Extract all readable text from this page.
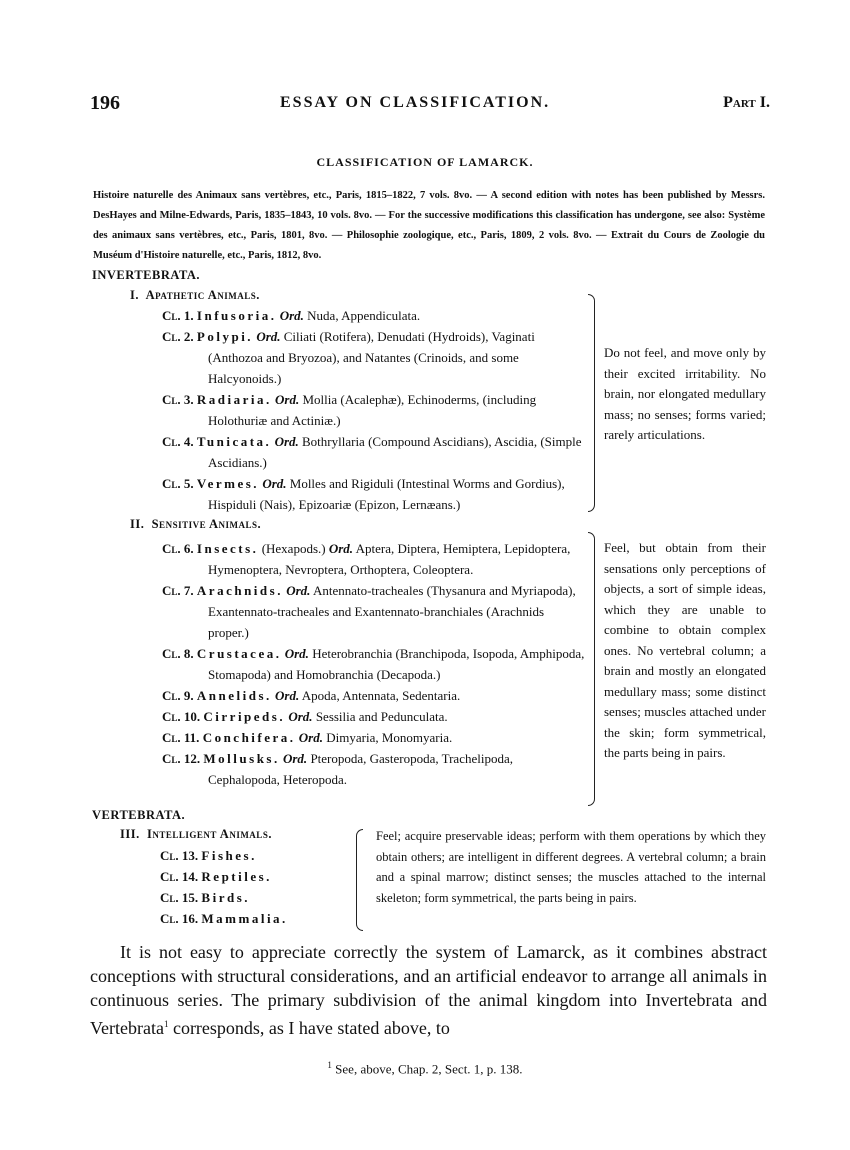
196	ESSAY ON CLASSIFICATION.	Part I.
CLASSIFICATION OF LAMARCK.
Histoire naturelle des Animaux sans vertèbres, etc., Paris, 1815–1822, 7 vols. 8vo. — A second edition with notes has been published by Messrs. DesHayes and Milne-Edwards, Paris, 1835–1843, 10 vols. 8vo. — For the successive modifications this classification has undergone, see also: Système des animaux sans vertèbres, etc., Paris, 1801, 8vo. — Philosophie zoologique, etc., Paris, 1809, 2 vols. 8vo. — Extrait du Cours de Zoologie du Muséum d'Histoire naturelle, etc., Paris, 1812, 8vo.
INVERTEBRATA.
I. Apathetic Animals.
Cl. 1. Infusoria. Ord. Nuda, Appendiculata.
Cl. 2. Polypi. Ord. Ciliati (Rotifera), Denudati (Hydroids), Vaginati (Anthozoa and Bryozoa), and Natantes (Crinoids, and some Halcyonoids.)
Cl. 3. Radiaria. Ord. Mollia (Acalephæ), Echinoderms, (including Holothuriæ and Actiniæ.)
Cl. 4. Tunicata. Ord. Bothryllaria (Compound Ascidians), Ascidia, (Simple Ascidians.)
Cl. 5. Vermes. Ord. Molles and Rigiduli (Intestinal Worms and Gordius), Hispiduli (Nais), Epizoariæ (Epizon, Lernæans.)
Do not feel, and move only by their excited irritability. No brain, nor elongated medullary mass; no senses; forms varied; rarely articulations.
II. Sensitive Animals.
Cl. 6. Insects. (Hexapods.) Ord. Aptera, Diptera, Hemiptera, Lepidoptera, Hymenoptera, Nevroptera, Orthoptera, Coleoptera.
Cl. 7. Arachnids. Ord. Antennato-tracheales (Thysanura and Myriapoda), Exantennato-tracheales and Exantennato-branchiales (Arachnids proper.)
Cl. 8. Crustacea. Ord. Heterobranchia (Branchipoda, Isopoda, Amphipoda, Stomapoda) and Homobranchia (Decapoda.)
Cl. 9. Annelids. Ord. Apoda, Antennata, Sedentaria.
Cl. 10. Cirripeds. Ord. Sessilia and Pedunculata.
Cl. 11. Conchifera. Ord. Dimyaria, Monomyaria.
Cl. 12. Mollusks. Ord. Pteropoda, Gasteropoda, Trachelipoda, Cephalopoda, Heteropoda.
Feel, but obtain from their sensations only perceptions of objects, a sort of simple ideas, which they are unable to combine to obtain complex ones. No vertebral column; a brain and mostly an elongated medullary mass; some distinct senses; muscles attached under the skin; form symmetrical, the parts being in pairs.
VERTEBRATA.
III. Intelligent Animals.
Cl. 13. Fishes.
Cl. 14. Reptiles.
Cl. 15. Birds.
Cl. 16. Mammalia.
Feel; acquire preservable ideas; perform with them operations by which they obtain others; are intelligent in different degrees. A vertebral column; a brain and a spinal marrow; distinct senses; the muscles attached to the internal skeleton; form symmetrical, the parts being in pairs.
It is not easy to appreciate correctly the system of Lamarck, as it combines abstract conceptions with structural considerations, and an artificial endeavor to arrange all animals in continuous series. The primary subdivision of the animal kingdom into Invertebrata and Vertebrata$^1$ corresponds, as I have stated above, to
$^1$ See, above, Chap. 2, Sect. 1, p. 138.
